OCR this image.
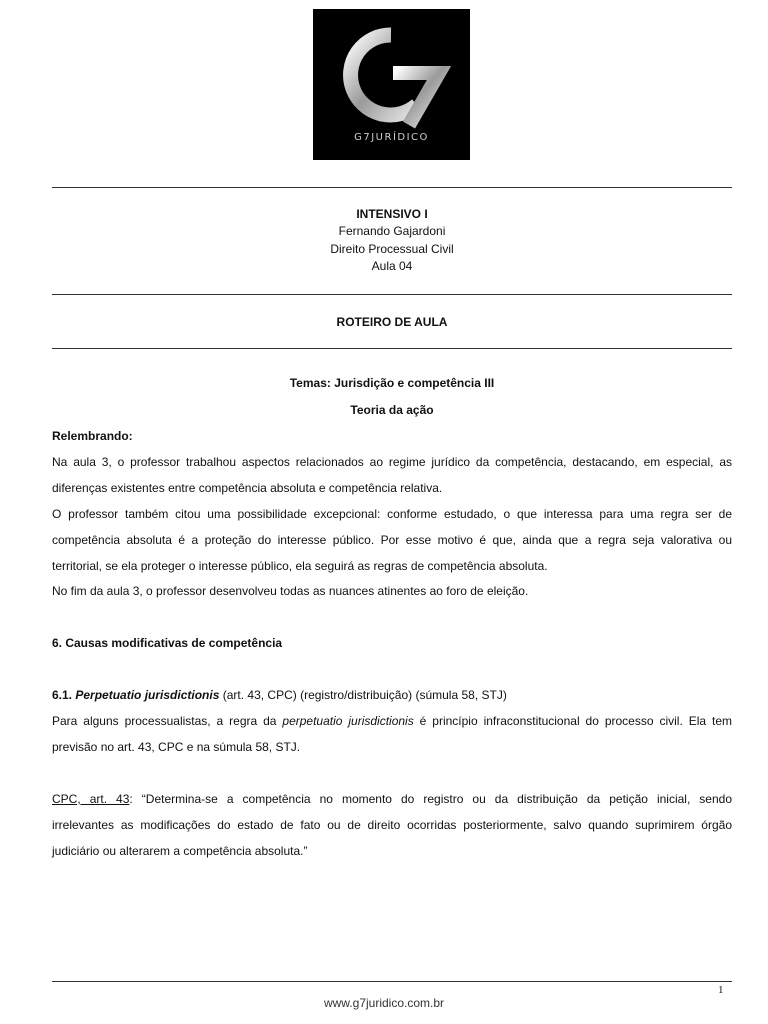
G7JURÍDICO
INTENSIVO I
Fernando Gajardoni
Direito Processual Civil
Aula 04
ROTEIRO DE AULA
Temas: Jurisdição e competência III
Teoria da ação
Relembrando:
Na aula 3, o professor trabalhou aspectos relacionados ao regime jurídico da competência, destacando, em especial, as
diferenças existentes entre competência absoluta e competência relativa.
O professor também citou uma possibilidade excepcional: conforme estudado, o que interessa para uma regra ser de
competência absoluta é a proteção do interesse público. Por esse motivo é que, ainda que a regra seja valorativa ou
territorial, se ela proteger o interesse público, ela seguirá as regras de competência absoluta.
No fim da aula 3, o professor desenvolveu todas as nuances atinentes ao foro de eleição.
6. Causas modificativas de competência
6.1. Perpetuatio jurisdictionis (art. 43, CPC) (registro/distribuição) (súmula 58, STJ)
Para alguns processualistas, a regra da perpetuatio jurisdictionis é princípio infraconstitucional do processo civil. Ela tem
previsão no art. 43, CPC e na súmula 58, STJ.
CPC, art. 43: “Determina-se a competência no momento do registro ou da distribuição da petição inicial, sendo
irrelevantes as modificações do estado de fato ou de direito ocorridas posteriormente, salvo quando suprimirem órgão
judiciário ou alterarem a competência absoluta.”
1
www.g7juridico.com.br
